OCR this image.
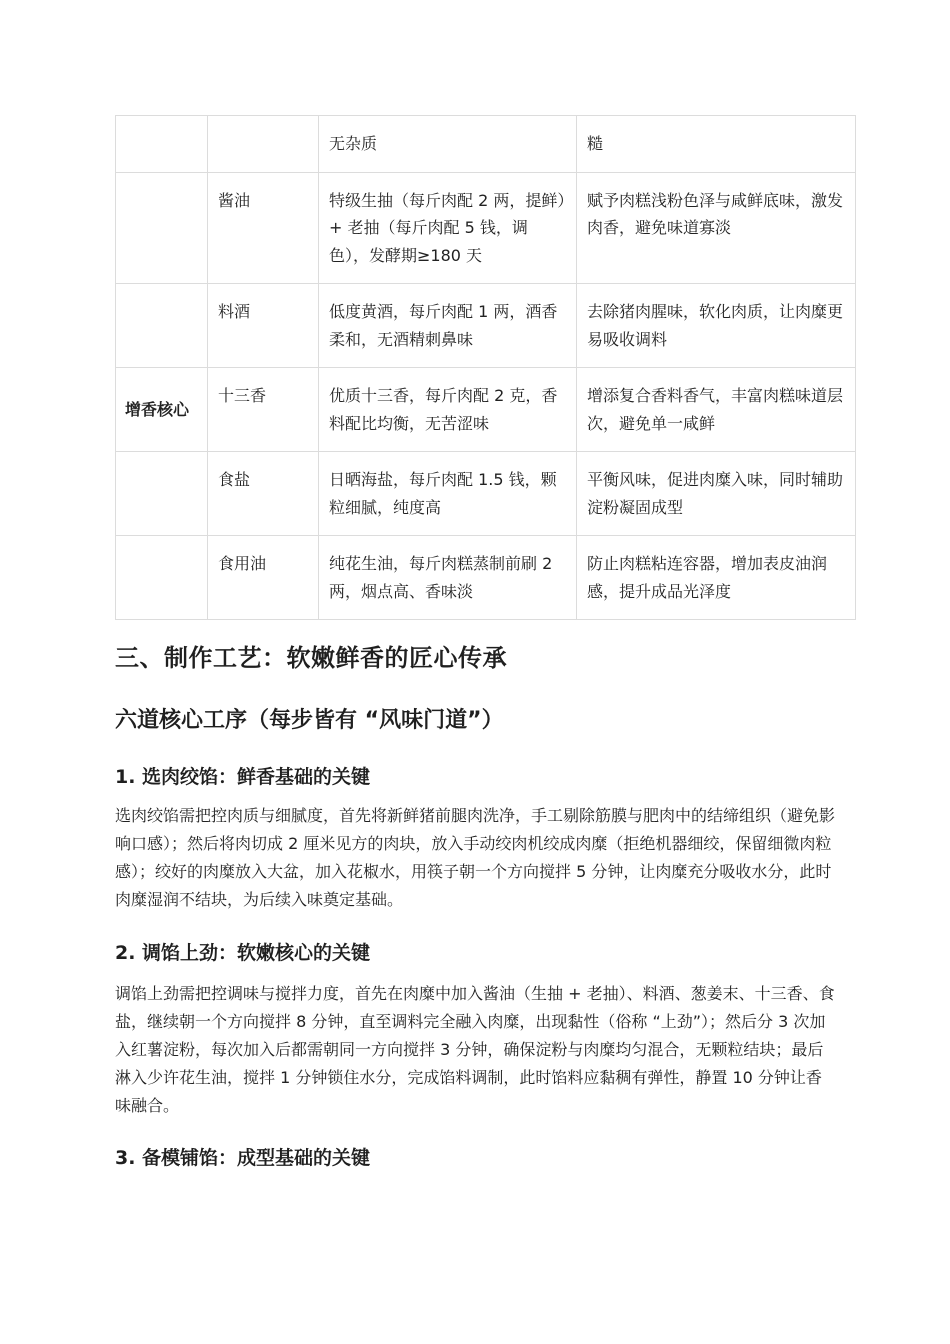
		无杂质	糙
	酱油	特级生抽（每斤肉配 2 两，提鲜）+ 老抽（每斤肉配 5 钱，调色），发酵期≥180 天	赋予肉糕浅粉色泽与咸鲜底味，激发肉香，避免味道寡淡
	料酒	低度黄酒，每斤肉配 1 两，酒香柔和，无酒精刺鼻味	去除猪肉腥味，软化肉质，让肉糜更易吸收调料
增香核心	十三香	优质十三香，每斤肉配 2 克，香料配比均衡，无苦涩味	增添复合香料香气，丰富肉糕味道层次，避免单一咸鲜
	食盐	日晒海盐，每斤肉配 1.5 钱，颗粒细腻，纯度高	平衡风味，促进肉糜入味，同时辅助淀粉凝固成型
	食用油	纯花生油，每斤肉糕蒸制前刷 2 两，烟点高、香味淡	防止肉糕粘连容器，增加表皮油润感，提升成品光泽度
三、制作工艺：软嫩鲜香的匠心传承
六道核心工序（每步皆有 “风味门道”）
1. 选肉绞馅：鲜香基础的关键

选肉绞馅需把控肉质与细腻度，首先将新鲜猪前腿肉洗净，手工剔除筋膜与肥肉中的结缔组织（避免影响口感）；然后将肉切成 2 厘米见方的肉块，放入手动绞肉机绞成肉糜（拒绝机器细绞，保留细微肉粒感）；绞好的肉糜放入大盆，加入花椒水，用筷子朝一个方向搅拌 5 分钟，让肉糜充分吸收水分，此时肉糜湿润不结块，为后续入味奠定基础。

2. 调馅上劲：软嫩核心的关键

调馅上劲需把控调味与搅拌力度，首先在肉糜中加入酱油（生抽 + 老抽）、料酒、葱姜末、十三香、食盐，继续朝一个方向搅拌 8 分钟，直至调料完全融入肉糜，出现黏性（俗称 “上劲”）；然后分 3 次加入红薯淀粉，每次加入后都需朝同一方向搅拌 3 分钟，确保淀粉与肉糜均匀混合，无颗粒结块；最后淋入少许花生油，搅拌 1 分钟锁住水分，完成馅料调制，此时馅料应黏稠有弹性，静置 10 分钟让香味融合。

3. 备模铺馅：成型基础的关键
